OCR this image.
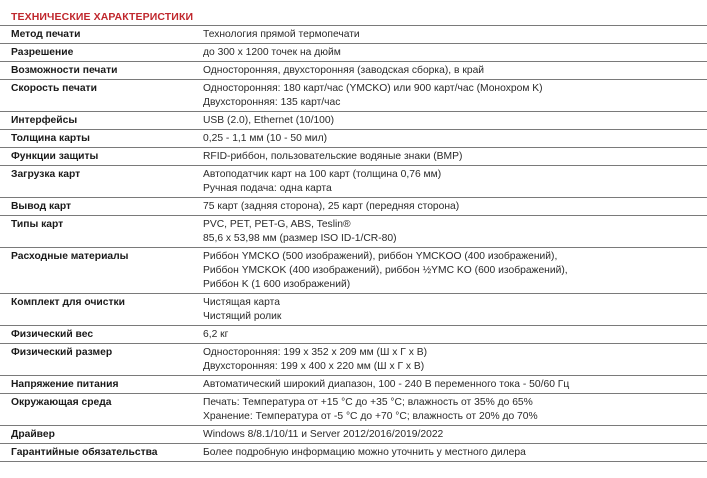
ТЕХНИЧЕСКИЕ ХАРАКТЕРИСТИКИ
Метод печати	Технология прямой термопечати
Разрешение	до 300 x 1200 точек на дюйм
Возможности печати	Односторонняя, двухсторонняя (заводская сборка), в край
Скорость печати	Односторонняя: 180 карт/час (YMCKO) или 900 карт/час (Монохром K)
Двухсторонняя: 135 карт/час
Интерфейсы	USB (2.0), Ethernet (10/100)
Толщина карты	0,25 - 1,1 мм (10 - 50 мил)
Функции защиты	RFID-риббон, пользовательские водяные знаки (BMP)
Загрузка карт	Автоподатчик карт на 100 карт (толщина 0,76 мм)
Ручная подача: одна карта
Вывод карт	75 карт (задняя сторона), 25 карт (передняя сторона)
Типы карт	PVC, PET, PET-G, ABS, Teslin®
85,6 x 53,98 мм (размер ISO ID-1/CR-80)
Расходные материалы	Риббон YMCKO (500 изображений), риббон YMCKOO (400 изображений),
Риббон YMCKOK (400 изображений), риббон ½YMC KO (600 изображений),
Риббон K (1 600 изображений)
Комплект для очистки	Чистящая карта
Чистящий ролик
Физический вес	6,2 кг
Физический размер	Односторонняя: 199 x 352 x 209 мм (Ш x Г x В)
Двухсторонняя: 199 x 400 x 220 мм (Ш x Г x В)
Напряжение питания	Автоматический широкий диапазон, 100 - 240 В переменного тока - 50/60 Гц
Окружающая среда	Печать: Температура от +15 °C до +35 °C; влажность от 35% до 65%
Хранение: Температура от -5 °C до +70 °C; влажность от 20% до 70%
Драйвер	Windows 8/8.1/10/11 и Server 2012/2016/2019/2022
Гарантийные обязательства	Более подробную информацию можно уточнить у местного дилера
